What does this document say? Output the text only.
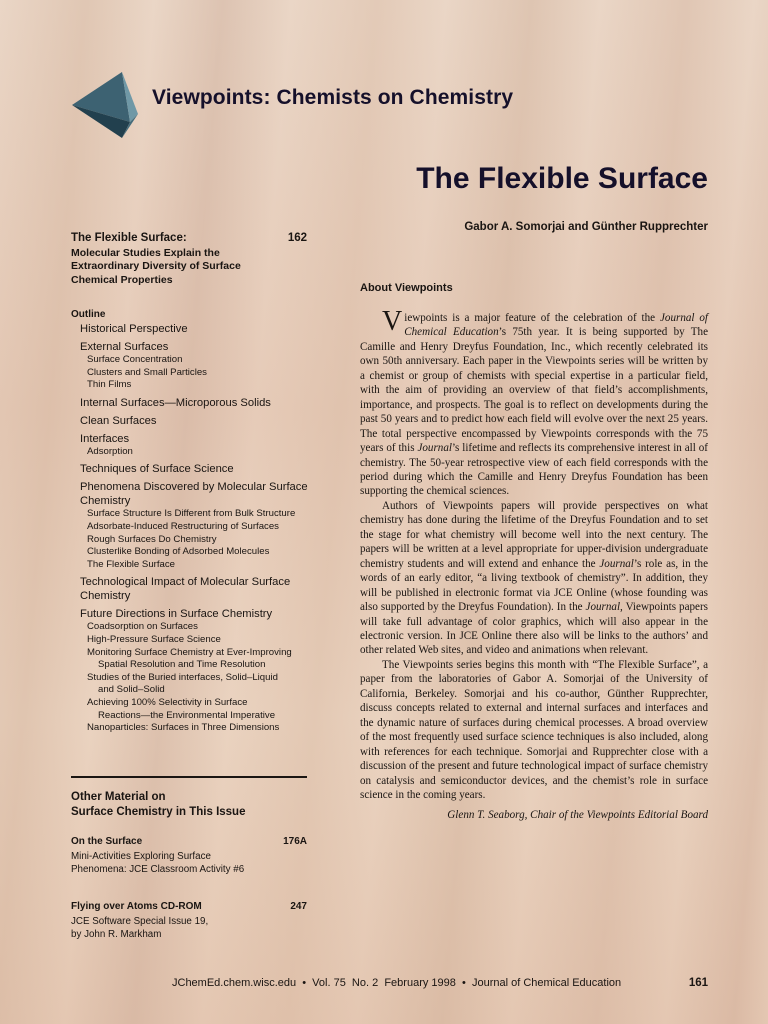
Viewpoints: Chemists on Chemistry
The Flexible Surface
Gabor A. Somorjai and Günther Rupprechter
The Flexible Surface:	162
Molecular Studies Explain the Extraordinary Diversity of Surface Chemical Properties
Outline
Historical Perspective
External Surfaces
Surface Concentration
Clusters and Small Particles
Thin Films
Internal Surfaces—Microporous Solids
Clean Surfaces
Interfaces
Adsorption
Techniques of Surface Science
Phenomena Discovered by Molecular Surface Chemistry
Surface Structure Is Different from Bulk Structure
Adsorbate-Induced Restructuring of Surfaces
Rough Surfaces Do Chemistry
Clusterlike Bonding of Adsorbed Molecules
The Flexible Surface
Technological Impact of Molecular Surface Chemistry
Future Directions in Surface Chemistry
Coadsorption on Surfaces
High-Pressure Surface Science
Monitoring Surface Chemistry at Ever-Improving
Spatial Resolution and Time Resolution
Studies of the Buried interfaces, Solid–Liquid
and Solid–Solid
Achieving 100% Selectivity in Surface
Reactions—the Environmental Imperative
Nanoparticles: Surfaces in Three Dimensions
Other Material on
Surface Chemistry in This Issue
On the Surface	176A
Mini-Activities Exploring Surface
Phenomena: JCE Classroom Activity #6
Flying over Atoms CD-ROM	247
JCE Software Special Issue 19,
by John R. Markham
About Viewpoints

Viewpoints is a major feature of the celebration of the Journal of Chemical Education’s 75th year. It is being supported by The Camille and Henry Dreyfus Foundation, Inc., which recently celebrated its own 50th anniversary. Each paper in the Viewpoints series will be written by a chemist or group of chemists with special expertise in a particular field, with the aim of providing an overview of that field’s accomplishments, importance, and prospects. The goal is to reflect on developments during the past 50 years and to predict how each field will evolve over the next 25 years. The total perspective encompassed by Viewpoints corresponds with the 75 years of this Journal’s lifetime and reflects its comprehensive interest in all of chemistry. The 50-year retrospective view of each field corresponds with the period during which the Camille and Henry Dreyfus Foundation has been supporting the chemical sciences.

Authors of Viewpoints papers will provide perspectives on what chemistry has done during the lifetime of the Dreyfus Foundation and to set the stage for what chemistry will become well into the next century. The papers will be written at a level appropriate for upper-division undergraduate chemistry students and will extend and enhance the Journal’s role as, in the words of an early editor, “a living textbook of chemistry”. In addition, they will be published in electronic format via JCE Online (whose founding was also supported by the Dreyfus Foundation). In the Journal, Viewpoints papers will take full advantage of color graphics, which will also appear in the electronic version. In JCE Online there also will be links to the authors’ and other related Web sites, and video and animations when relevant.

The Viewpoints series begins this month with “The Flexible Surface”, a paper from the laboratories of Gabor A. Somorjai of the University of California, Berkeley. Somorjai and his co-author, Günther Rupprechter, discuss concepts related to external and internal surfaces and interfaces and the dynamic nature of surfaces during chemical processes. A broad overview of the most frequently used surface science techniques is also included, along with references for each technique. Somorjai and Rupprechter close with a discussion of the present and future technological impact of surface chemistry on catalysis and semiconductor devices, and the chemist’s role in surface science in the coming years.

Glenn T. Seaborg, Chair of the Viewpoints Editorial Board
JChemEd.chem.wisc.edu  •  Vol. 75  No. 2  February 1998  •  Journal of Chemical Education	161
